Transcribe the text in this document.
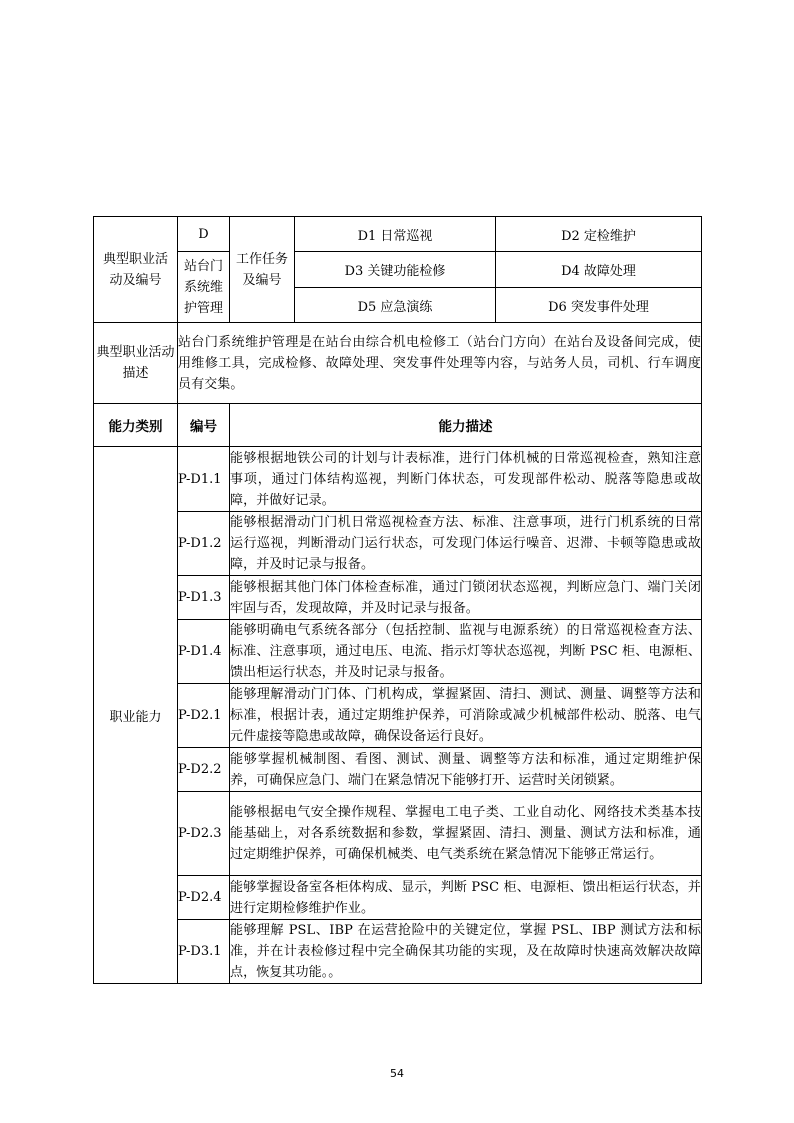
典型职业活动及编号	D	工作任务及编号	D1 日常巡视	D2 定检维护
	站台门系统维护管理		D3 关键功能检修	D4 故障处理
			D5 应急演练	D6 突发事件处理
典型职业活动描述	站台门系统维护管理是在站台由综合机电检修工（站台门方向）在站台及设备间完成，使用维修工具，完成检修、故障处理、突发事件处理等内容，与站务人员，司机、行车调度员有交集。			
能力类别	编号	能力描述		
职业能力	P-D1.1	能够根据地铁公司的计划与计表标准，进行门体机械的日常巡视检查，熟知注意事项，通过门体结构巡视，判断门体状态，可发现部件松动、脱落等隐患或故障，并做好记录。		
	P-D1.2	能够根据滑动门门机日常巡视检查方法、标准、注意事项，进行门机系统的日常运行巡视，判断滑动门运行状态，可发现门体运行噪音、迟滞、卡顿等隐患或故障，并及时记录与报备。		
	P-D1.3	能够根据其他门体门体检查标准，通过门锁闭状态巡视，判断应急门、端门关闭牢固与否，发现故障，并及时记录与报备。		
	P-D1.4	能够明确电气系统各部分（包括控制、监视与电源系统）的日常巡视检查方法、标准、注意事项，通过电压、电流、指示灯等状态巡视，判断 PSC 柜、电源柜、馈出柜运行状态，并及时记录与报备。		
	P-D2.1	能够理解滑动门门体、门机构成，掌握紧固、清扫、测试、测量、调整等方法和标准，根据计表，通过定期维护保养，可消除或减少机械部件松动、脱落、电气元件虚接等隐患或故障，确保设备运行良好。		
	P-D2.2	能够掌握机械制图、看图、测试、测量、调整等方法和标准，通过定期维护保养，可确保应急门、端门在紧急情况下能够打开、运营时关闭锁紧。		
	P-D2.3	能够根据电气安全操作规程、掌握电工电子类、工业自动化、网络技术类基本技能基础上，对各系统数据和参数，掌握紧固、清扫、测量、测试方法和标准，通过定期维护保养，可确保机械类、电气类系统在紧急情况下能够正常运行。		
	P-D2.4	能够掌握设备室各柜体构成、显示，判断 PSC 柜、电源柜、馈出柜运行状态，并进行定期检修维护作业。		
	P-D3.1	能够理解 PSL、IBP 在运营抢险中的关键定位，掌握 PSL、IBP 测试方法和标准，并在计表检修过程中完全确保其功能的实现，及在故障时快速高效解决故障点，恢复其功能。。		
54
